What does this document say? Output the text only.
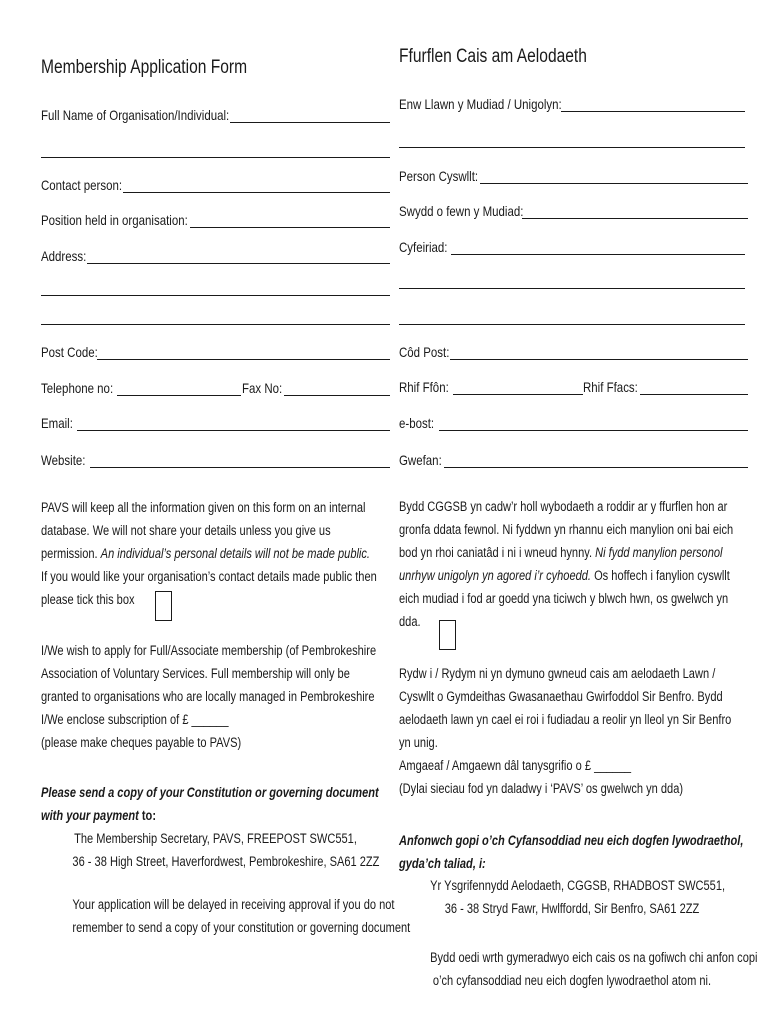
Membership Application Form
Full Name of Organisation/Individual:
Contact person:
Position held in organisation:
Address:
Post Code:
Telephone no:	Fax No:
Email:
Website:
PAVS will keep all the information given on this form on an internal
database. We will not share your details unless you give us
permission. An individual’s personal details will not be made public.
If you would like your organisation’s contact details made public then
please tick this box
I/We wish to apply for Full/Associate membership (of Pembrokeshire
Association of Voluntary Services. Full membership will only be
granted to organisations who are locally managed in Pembrokeshire
I/We enclose subscription of £ ______
(please make cheques payable to PAVS)
Please send a copy of your Constitution or governing document
with your payment to:
The Membership Secretary, PAVS, FREEPOST SWC551,
36 - 38 High Street, Haverfordwest, Pembrokeshire, SA61 2ZZ
Your application will be delayed in receiving approval if you do not
remember to send a copy of your constitution or governing document
Ffurflen Cais am Aelodaeth
Enw Llawn y Mudiad / Unigolyn:
Person Cyswllt:
Swydd o fewn y Mudiad:
Cyfeiriad:
Côd Post:
Rhif Ffôn:	Rhif Ffacs:
e-bost:
Gwefan:
Bydd CGGSB yn cadw’r holl wybodaeth a roddir ar y ffurflen hon ar
gronfa ddata fewnol. Ni fyddwn yn rhannu eich manylion oni bai eich
bod yn rhoi caniatâd i ni i wneud hynny. Ni fydd manylion personol
unrhyw unigolyn yn agored i’r cyhoedd. Os hoffech i fanylion cyswllt
eich mudiad i fod ar goedd yna ticiwch y blwch hwn, os gwelwch yn
dda.
Rydw i / Rydym ni yn dymuno gwneud cais am aelodaeth Lawn /
Cyswllt o Gymdeithas Gwasanaethau Gwirfoddol Sir Benfro. Bydd
aelodaeth lawn yn cael ei roi i fudiadau a reolir yn lleol yn Sir Benfro
yn unig.
Amgaeaf / Amgaewn dâl tanysgrifio o £ ______
(Dylai sieciau fod yn daladwy i ‘PAVS’ os gwelwch yn dda)
Anfonwch gopi o’ch Cyfansoddiad neu eich dogfen lywodraethol,
gyda’ch taliad, i:
Yr Ysgrifennydd Aelodaeth, CGGSB, RHADBOST SWC551,
36 - 38 Stryd Fawr, Hwlffordd, Sir Benfro, SA61 2ZZ
Bydd oedi wrth gymeradwyo eich cais os na gofiwch chi anfon copi
o’ch cyfansoddiad neu eich dogfen lywodraethol atom ni.
